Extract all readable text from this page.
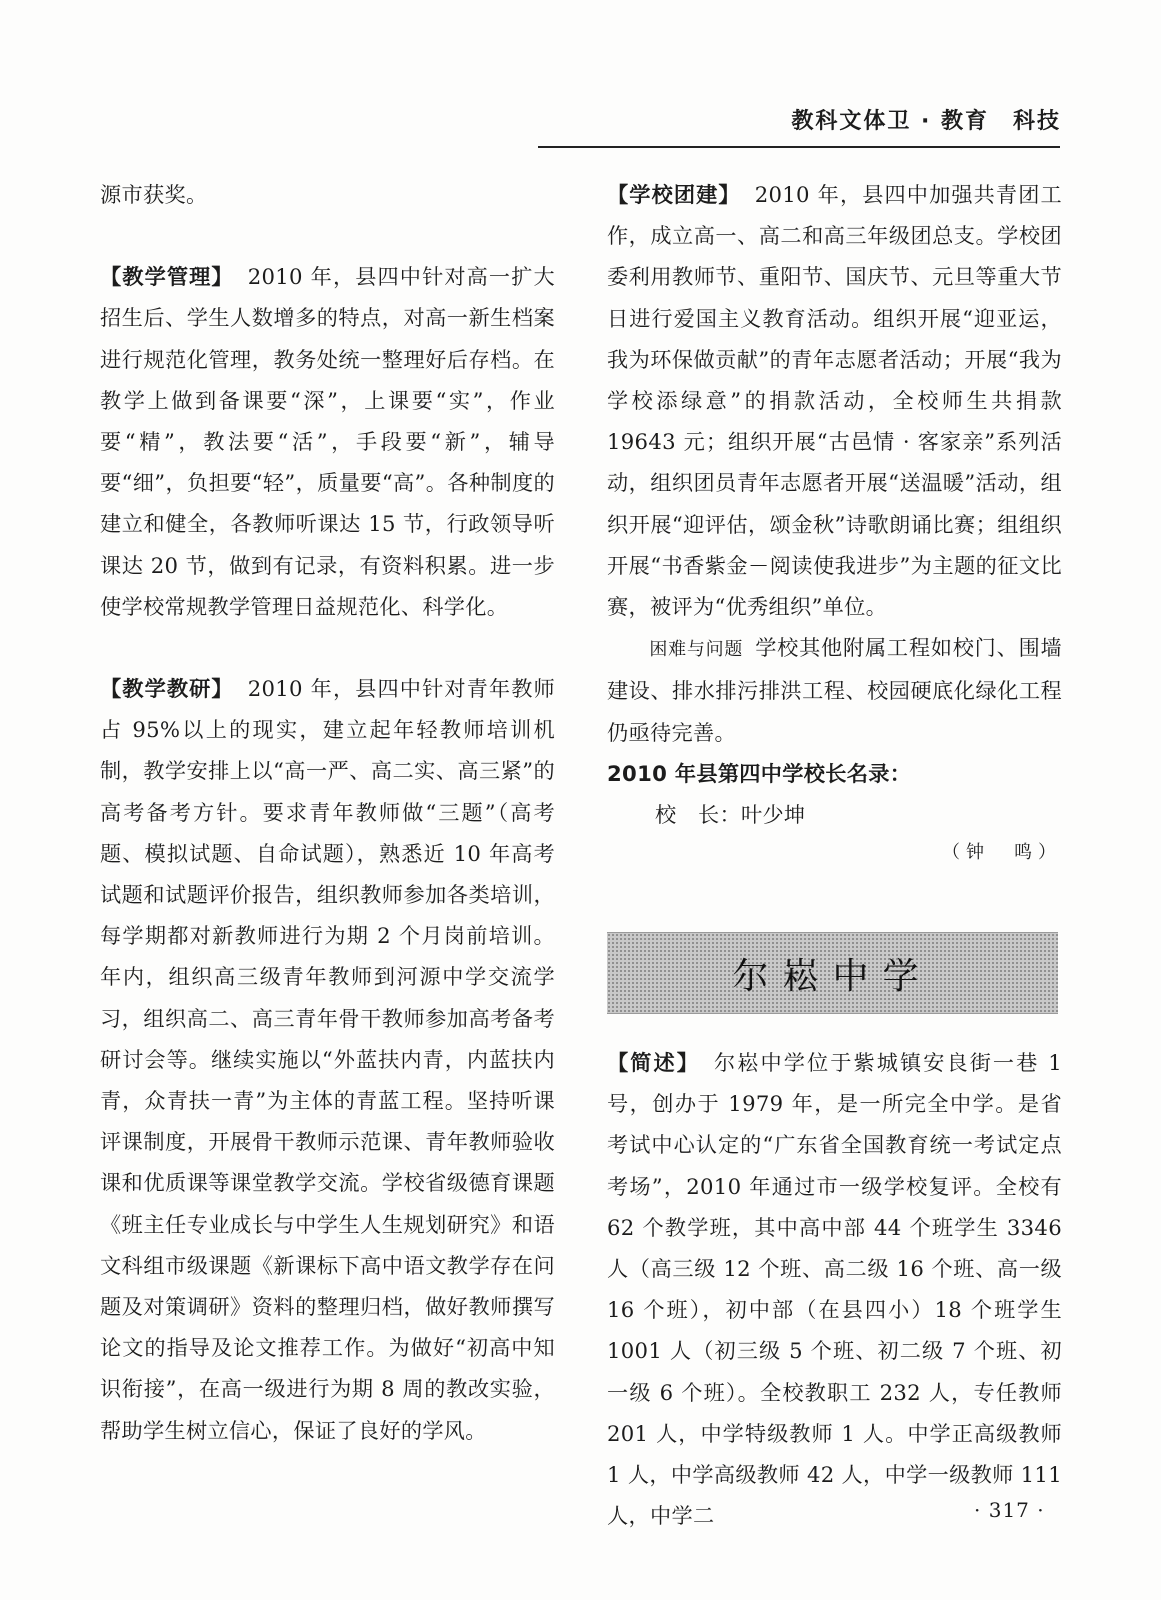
教科文体卫 · 教育　科技

源市获奖。

【教学管理】 2010 年，县四中针对高一扩大招生后、学生人数增多的特点，对高一新生档案进行规范化管理，教务处统一整理好后存档。在教学上做到备课要“深”，上课要“实”，作业要“精”，教法要“活”，手段要“新”，辅导要“细”，负担要“轻”，质量要“高”。各种制度的建立和健全，各教师听课达 15 节，行政领导听课达 20 节，做到有记录，有资料积累。进一步使学校常规教学管理日益规范化、科学化。

【教学教研】 2010 年，县四中针对青年教师占 95%以上的现实，建立起年轻教师培训机制，教学安排上以“高一严、高二实、高三紧”的高考备考方针。要求青年教师做“三题”（高考题、模拟试题、自命试题），熟悉近 10 年高考试题和试题评价报告，组织教师参加各类培训，每学期都对新教师进行为期 2 个月岗前培训。年内，组织高三级青年教师到河源中学交流学习，组织高二、高三青年骨干教师参加高考备考研讨会等。继续实施以“外蓝扶内青，内蓝扶内青，众青扶一青”为主体的青蓝工程。坚持听课评课制度，开展骨干教师示范课、青年教师验收课和优质课等课堂教学交流。学校省级德育课题《班主任专业成长与中学生人生规划研究》和语文科组市级课题《新课标下高中语文教学存在问题及对策调研》资料的整理归档，做好教师撰写论文的指导及论文推荐工作。为做好“初高中知识衔接”，在高一级进行为期 8 周的教改实验，帮助学生树立信心，保证了良好的学风。

【学校团建】 2010 年，县四中加强共青团工作，成立高一、高二和高三年级团总支。学校团委利用教师节、重阳节、国庆节、元旦等重大节日进行爱国主义教育活动。组织开展“迎亚运，我为环保做贡献”的青年志愿者活动；开展“我为学校添绿意”的捐款活动，全校师生共捐款 19643 元；组织开展“古邑情 · 客家亲”系列活动，组织团员青年志愿者开展“送温暖”活动，组织开展“迎评估，颂金秋”诗歌朗诵比赛；组组织开展“书香紫金－阅读使我进步”为主题的征文比赛，被评为“优秀组织”单位。

困难与问题 学校其他附属工程如校门、围墙建设、排水排污排洪工程、校园硬底化绿化工程仍亟待完善。

2010 年县第四中学校长名录：

校　长：叶少坤

（钟　鸣）

尔崧中学

【简述】 尔崧中学位于紫城镇安良街一巷 1 号，创办于 1979 年，是一所完全中学。是省考试中心认定的“广东省全国教育统一考试定点考场”，2010 年通过市一级学校复评。全校有 62 个教学班，其中高中部 44 个班学生 3346 人（高三级 12 个班、高二级 16 个班、高一级 16 个班），初中部（在县四小）18 个班学生 1001 人（初三级 5 个班、初二级 7 个班、初一级 6 个班）。全校教职工 232 人，专任教师 201 人，中学特级教师 1 人。中学正高级教师 1 人，中学高级教师 42 人，中学一级教师 111 人，中学二	· 317 ·
